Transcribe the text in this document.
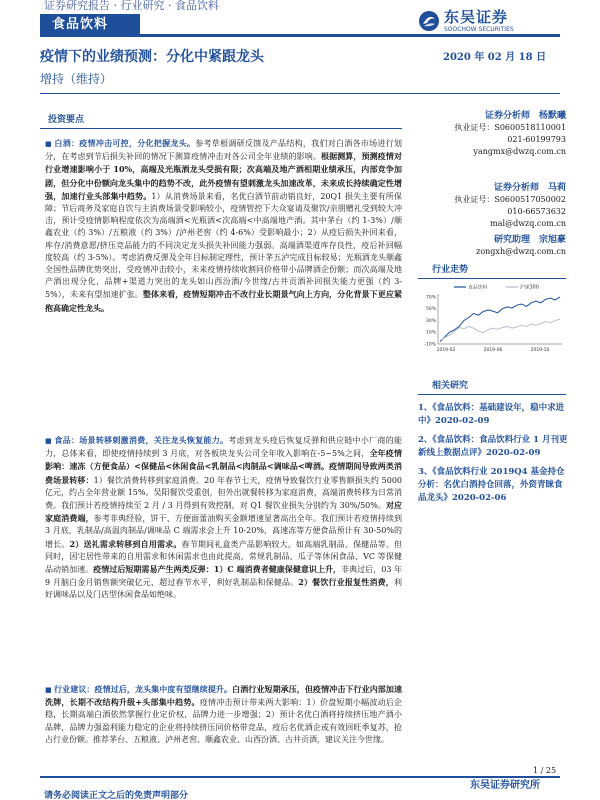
证券研究报告 · 行业研究 · 食品饮料
食品饮料	东吴证券
SOOCHOW SECURITIES
疫情下的业绩预测：分化中紧跟龙头
增持（维持）
2020 年 02 月 18 日
投资要点

■ 白酒：疫情冲击可控，分化把握龙头。参考草根调研反馈及产品结构，我们对白酒各市场进行划分，在考虑到节后损失补回的情况下测算疫情冲击对各公司全年业绩的影响。根据测算，预测疫情对行业增速影响小于 10%，高端及光瓶酒龙头受损有限；次高端及地产酒相期业绩承压，内部竞争加剧，但分化中份额向龙头集中的趋势不改，此外疫情有望刺激龙头加速改革，未来成长持续确定性增强，加速行业头部集中趋势。1）从消费场景来看，名优白酒节前动销良好，20Q1 损失主要有所保障；节后商务及家庭自饮与主消费场景受影响较小，疫情管控下大众宴请及聚饮/亲朋赠礼受到较大冲击，预计受疫情影响程度依次为高端酒<光瓶酒<次高端<中高端地产酒。其中茅台（约 1-3%）/顺鑫农业（约 3%）/五粮液（约 3%）/泸州老窖（约 4-6%）受影响最小；2）从疫后损失补回来看，库存/消费意愿/挤压竞品能力的不同决定龙头损失补回能力强弱。高端酒渠道库存良性，疫后补回幅度较高（约 3-5%）。考虑消费反弹及全年目标制定理性，预计茅五泸完成目标较易；光瓶酒龙头顺鑫全国性品牌优势突出，受疫情冲击较小，未来疫情持续收割同价格带小品牌酒企份额；而次高端及地产酒出现分化，品牌+渠道力突出的龙头如山西汾酒/今世缘/古井贡酒补回损失能力更强（约 3-5%），未来有望加速扩张。整体来看，疫情短期冲击不改行业长期景气向上方向，分化背景下更应紧抱高确定性龙头。

■ 食品：场景转移刺激消费，关注龙头恢复能力。考虑到龙头疫后恢复反弹和供应链中小厂商的能力，总体来看，即使疫情持续到 3 月底，对各板块龙头公司全年收入影响在-5~5%之间，全年疫情影响：速冻（方便食品）<保健品<休闲食品<乳制品<肉制品<调味品<啤酒。疫情期间导致两类消费场景转移：1）餐饮消费转移到家庭消费。20 年春节七天，疫情导致餐饮行业零售额损失约 5000 亿元，约占全年营业额 15%。吴阳餐饮受重创，但外出就餐转移为家庭消费，高端消费转移为日常消费。我们预计若疫情持续至 2 月 / 3 月得到有效控制，对 Q1 餐饮业损失分别约为 30%/50%。对应家庭消费端，参考非典经验，饼干、方便面蕾油购买金额增速显著高出全年。我们预计若疫情持续到 3 月底，乳制品/高温肉制品/调味品 C 端需求会上升 10-20%，高速冻等方便食品预计有 30-50%的增长。2）送礼需求转移到自用需求。春节期间礼盒类产品影响较大，如高端乳制品、保健品等。但同时，因宅居性带来的自用需求和休闲需求也由此提高，常规乳制品、瓜子等休闲食品、VC 等保健品动销加速。疫情过后短期需易产生两类反弹：1）C 端消费者健康保健意识上升，非典过后，03 年 9 月脑白金月销售额突破亿元，超过春节水平，利好乳制品和保健品。2）餐饮行业报复性消费，利好调味品以及门店型休闲食品如绝味。

■ 行业建议：疫情过后，龙头集中度有望继续提升。白酒行业短期承压，但疫情冲击下行业内部加速洗牌，长期不改结构升级+头部集中趋势。疫情冲击预计带来两大影响：1）价盘短期小幅波动后企稳，长期高端白酒依然掌握行业定价权，品牌力进一步增强；2）预计名优白酒将持续挤压地产酒小品牌，品牌力强盈利能力稳定的企业将持续挤压同价格带竞品，疫后名优酒企或有效回旺季复苏，抢占行业份额。推荐茅台、五粮液、泸州老窖、顺鑫农业、山西汾酒、古井贡酒，建议关注今世缘。

证券分析师　杨默曦
执业证号：S0600518110001
021-60199793
yangmx@dwzq.com.cn
证券分析师　马莉
执业证号：S0600517050002
010-66573632
mal@dwzq.com.cn
研究助理　宗旭豪
zongxh@dwzq.com.cn
行业走势
-10%
10%
30%
50%
70%
2019-02	2019-06	2019-10
食品饮料	沪深300
相关研究
1、《食品饮料：基础建设年，稳中求进中》2020-02-09
2、《食品饮料：食品饮料行业 1 月刊更新线上数据点评》2020-02-09
3、《食品饮料行业 2019Q4 基金持仓分析：名优白酒持仓回落，外资青睐食品龙头》2020-02-06
1 / 25
东吴证券研究所
请务必阅读正文之后的免责声明部分
